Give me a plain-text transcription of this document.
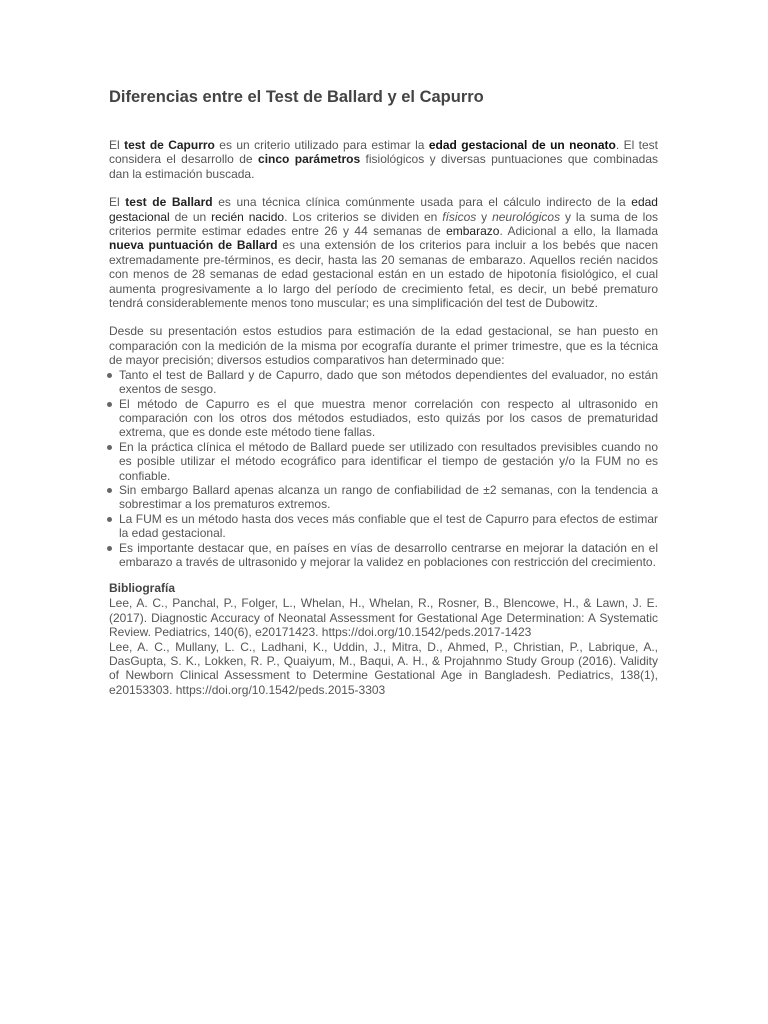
Diferencias entre el Test de Ballard y el Capurro

El test de Capurro es un criterio utilizado para estimar la edad gestacional de un neonato. El test considera el desarrollo de cinco parámetros fisiológicos y diversas puntuaciones que combinadas dan la estimación buscada.

El test de Ballard es una técnica clínica comúnmente usada para el cálculo indirecto de la edad gestacional de un recién nacido. Los criterios se dividen en físicos y neurológicos y la suma de los criterios permite estimar edades entre 26 y 44 semanas de embarazo. Adicional a ello, la llamada nueva puntuación de Ballard es una extensión de los criterios para incluir a los bebés que nacen extremadamente pre-términos, es decir, hasta las 20 semanas de embarazo. Aquellos recién nacidos con menos de 28 semanas de edad gestacional están en un estado de hipotonía fisiológico, el cual aumenta progresivamente a lo largo del período de crecimiento fetal, es decir, un bebé prematuro tendrá considerablemente menos tono muscular; es una simplificación del test de Dubowitz.

Desde su presentación estos estudios para estimación de la edad gestacional, se han puesto en comparación con la medición de la misma por ecografía durante el primer trimestre, que es la técnica de mayor precisión; diversos estudios comparativos han determinado que:

Tanto el test de Ballard y de Capurro, dado que son métodos dependientes del evaluador, no están exentos de sesgo.
El método de Capurro es el que muestra menor correlación con respecto al ultrasonido en comparación con los otros dos métodos estudiados, esto quizás por los casos de prematuridad extrema, que es donde este método tiene fallas.
En la práctica clínica el método de Ballard puede ser utilizado con resultados previsibles cuando no es posible utilizar el método ecográfico para identificar el tiempo de gestación y/o la FUM no es confiable.
Sin embargo Ballard apenas alcanza un rango de confiabilidad de ±2 semanas, con la tendencia a sobrestimar a los prematuros extremos.
La FUM es un método hasta dos veces más confiable que el test de Capurro para efectos de estimar la edad gestacional.
Es importante destacar que, en países en vías de desarrollo centrarse en mejorar la datación en el embarazo a través de ultrasonido y mejorar la validez en poblaciones con restricción del crecimiento.
Bibliografía

Lee, A. C., Panchal, P., Folger, L., Whelan, H., Whelan, R., Rosner, B., Blencowe, H., & Lawn, J. E. (2017). Diagnostic Accuracy of Neonatal Assessment for Gestational Age Determination: A Systematic Review. Pediatrics, 140(6), e20171423. https://doi.org/10.1542/peds.2017-1423

Lee, A. C., Mullany, L. C., Ladhani, K., Uddin, J., Mitra, D., Ahmed, P., Christian, P., Labrique, A., DasGupta, S. K., Lokken, R. P., Quaiyum, M., Baqui, A. H., & Projahnmo Study Group (2016). Validity of Newborn Clinical Assessment to Determine Gestational Age in Bangladesh. Pediatrics, 138(1), e20153303. https://doi.org/10.1542/peds.2015-3303
